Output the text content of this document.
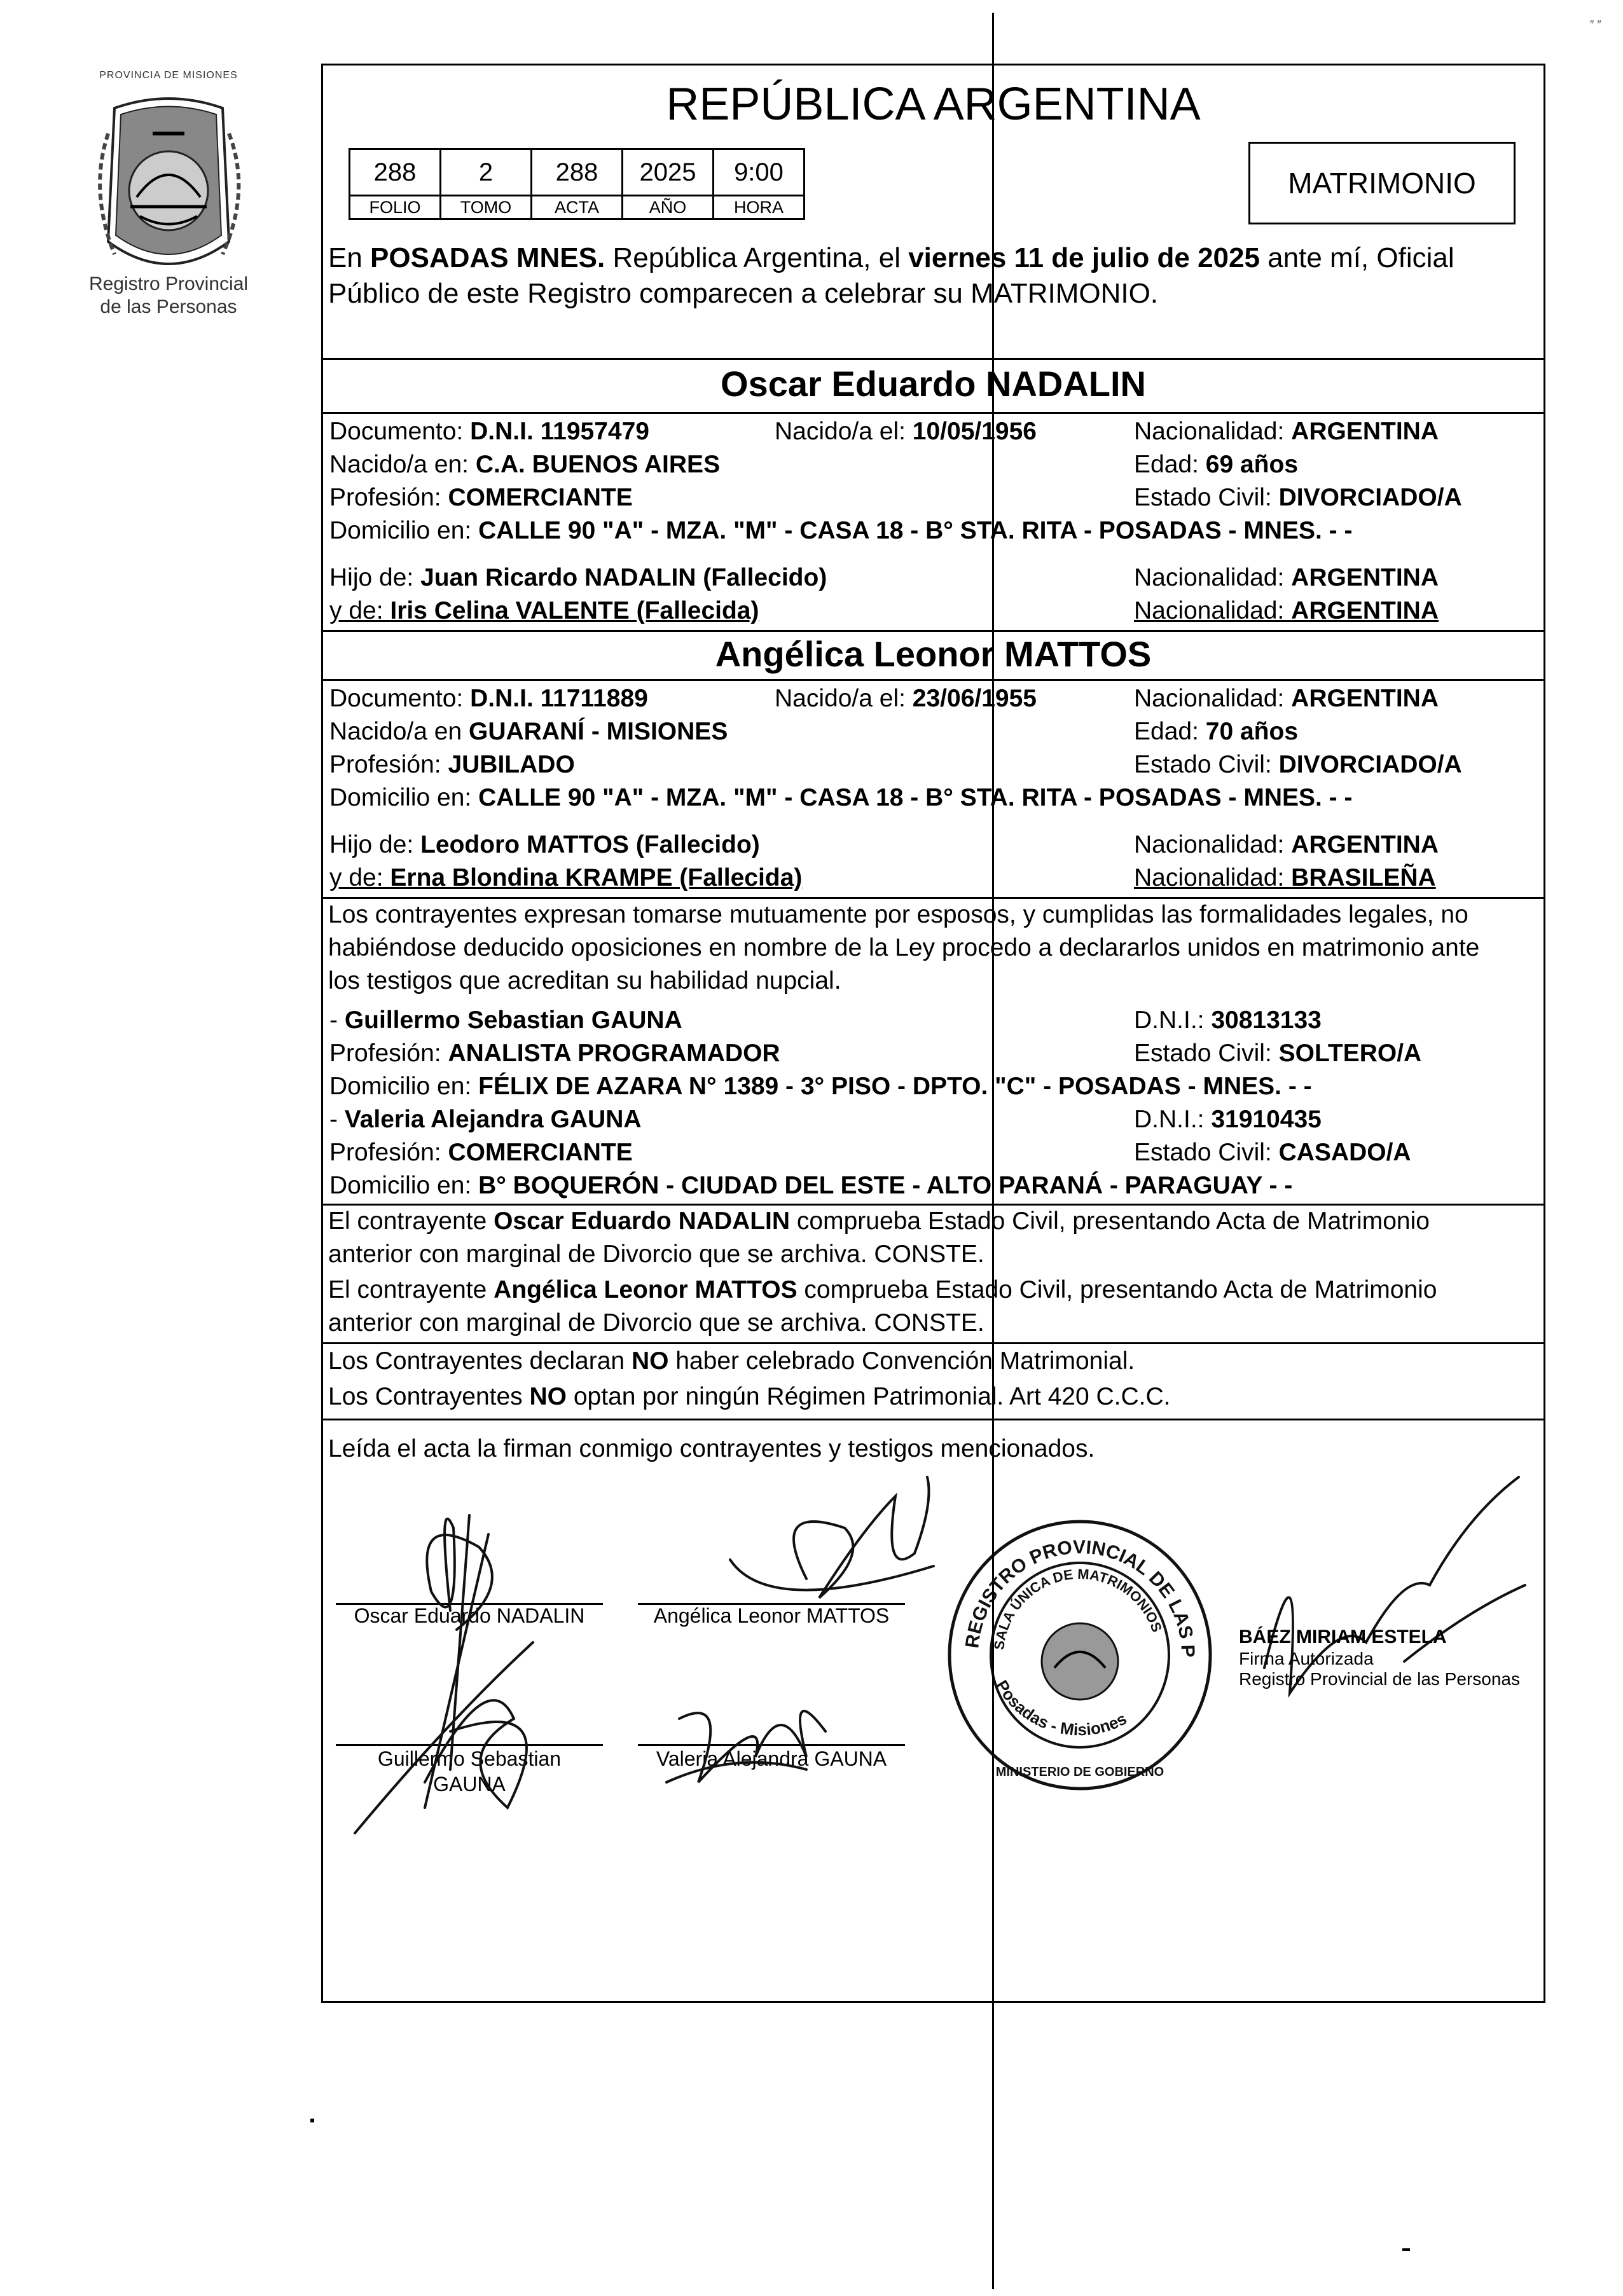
″ ″
PROVINCIA DE MISIONES
Registro Provincial
de las Personas
REPÚBLICA ARGENTINA
288	2	288	2025	9:00
FOLIO	TOMO	ACTA	AÑO	HORA
MATRIMONIO
En POSADAS MNES. República Argentina, el viernes 11 de julio de 2025 ante mí, Oficial
Público de este Registro comparecen a celebrar su MATRIMONIO.
Oscar Eduardo NADALIN
Documento: D.N.I. 11957479	Nacido/a el: 10/05/1956	Nacionalidad: ARGENTINA
Nacido/a en: C.A. BUENOS AIRES	Edad: 69 años
Profesión: COMERCIANTE	Estado Civil: DIVORCIADO/A
Domicilio en: CALLE 90 "A" - MZA. "M" - CASA 18 - B° STA. RITA - POSADAS - MNES. - -
Hijo de: Juan Ricardo NADALIN (Fallecido)	Nacionalidad: ARGENTINA
y de: Iris Celina VALENTE (Fallecida)	Nacionalidad: ARGENTINA
Angélica Leonor MATTOS
Documento: D.N.I. 11711889	Nacido/a el: 23/06/1955	Nacionalidad: ARGENTINA
Nacido/a en GUARANÍ - MISIONES	Edad: 70 años
Profesión: JUBILADO	Estado Civil: DIVORCIADO/A
Domicilio en: CALLE 90 "A" - MZA. "M" - CASA 18 - B° STA. RITA - POSADAS - MNES. - -
Hijo de: Leodoro MATTOS (Fallecido)	Nacionalidad: ARGENTINA
y de: Erna Blondina KRAMPE (Fallecida)	Nacionalidad: BRASILEÑA
Los contrayentes expresan tomarse mutuamente por esposos, y cumplidas las formalidades legales, no
habiéndose deducido oposiciones en nombre de la Ley procedo a declararlos unidos en matrimonio ante
los testigos que acreditan su habilidad nupcial.
- Guillermo Sebastian GAUNA	D.N.I.: 30813133
Profesión: ANALISTA PROGRAMADOR	Estado Civil: SOLTERO/A
Domicilio en: FÉLIX DE AZARA N° 1389 - 3° PISO - DPTO. "C" - POSADAS - MNES. - -
- Valeria Alejandra GAUNA	D.N.I.: 31910435
Profesión: COMERCIANTE	Estado Civil: CASADO/A
Domicilio en: B° BOQUERÓN - CIUDAD DEL ESTE - ALTO PARANÁ - PARAGUAY - -
El contrayente Oscar Eduardo NADALIN comprueba Estado Civil, presentando Acta de Matrimonio
anterior con marginal de Divorcio que se archiva. CONSTE.
El contrayente Angélica Leonor MATTOS comprueba Estado Civil, presentando Acta de Matrimonio
anterior con marginal de Divorcio que se archiva. CONSTE.
Los Contrayentes declaran NO haber celebrado Convención Matrimonial.
Los Contrayentes NO optan por ningún Régimen Patrimonial. Art 420 C.C.C.
Leída el acta la firman conmigo contrayentes y testigos mencionados.
Oscar Eduardo NADALIN	Angélica Leonor MATTOS
Guillermo Sebastian
GAUNA
Valeria Alejandra GAUNA
REGISTRO PROVINCIAL DE LAS P
SALA ÚNICA DE MATRIMONIOS
Posadas - Misiones
MINISTERIO DE GOBIERNO
BÁEZ MIRIAM ESTELA
Firma Autorizada
Registro Provincial de las Personas
